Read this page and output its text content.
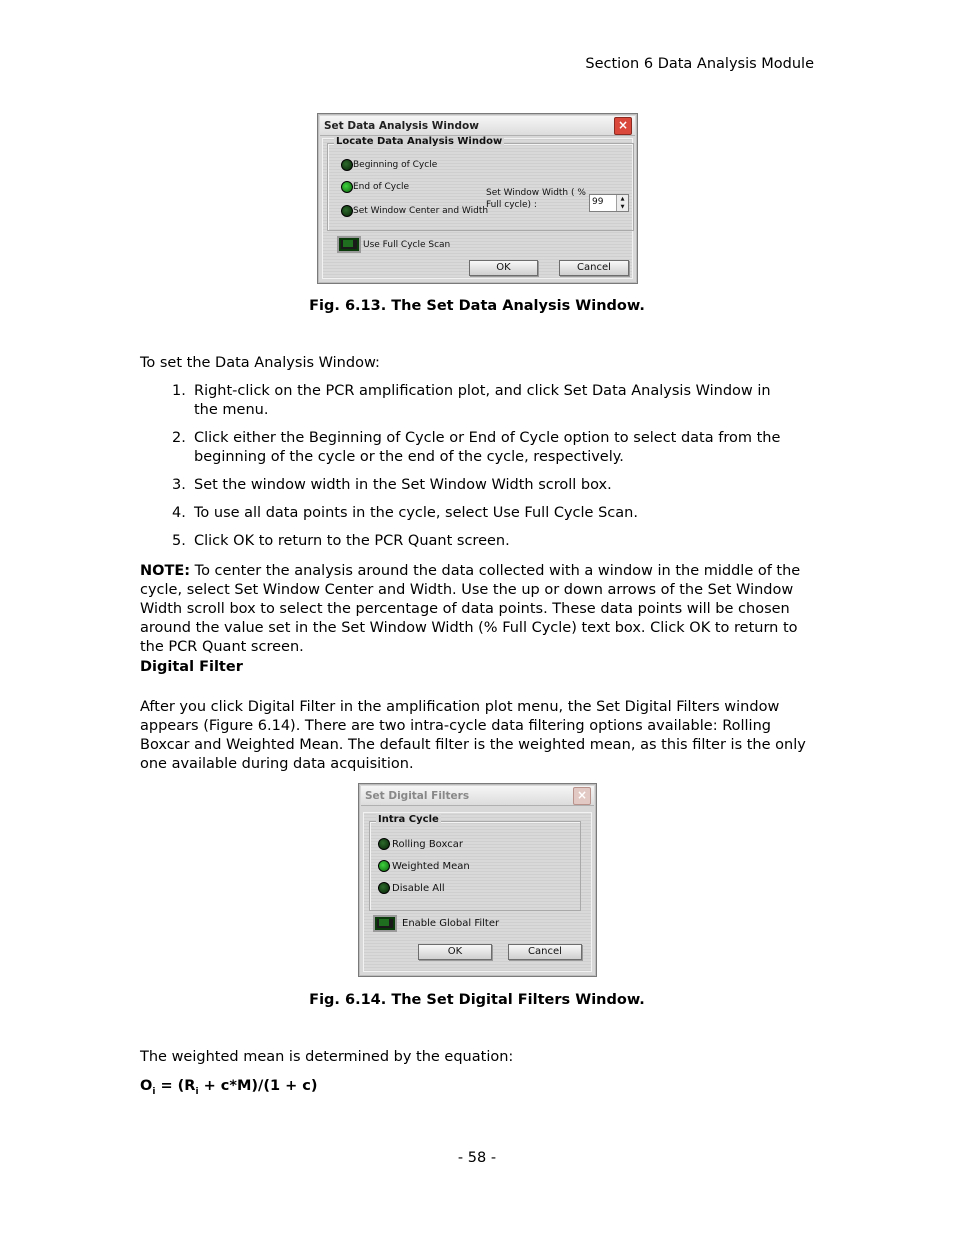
Section 6 Data Analysis Module
Set Data Analysis Window	×
Locate Data Analysis Window
Beginning of Cycle
End of Cycle
Set Window Center and Width
Set Window Width ( %
Full cycle) :	99	▲
▼
Use Full Cycle Scan
OK	Cancel
Fig. 6.13. The Set Data Analysis Window.
To set the Data Analysis Window:
1. Right-click on the PCR amplification plot, and click Set Data Analysis Window in the menu.
2. Click either the Beginning of Cycle or End of Cycle option to select data from the beginning of the cycle or the end of the cycle, respectively.
3. Set the window width in the Set Window Width scroll box.
4. To use all data points in the cycle, select Use Full Cycle Scan.
5. Click OK to return to the PCR Quant screen.
NOTE: To center the analysis around the data collected with a window in the middle of the cycle, select Set Window Center and Width. Use the up or down arrows of the Set Window Width scroll box to select the percentage of data points. These data points will be chosen around the value set in the Set Window Width (% Full Cycle) text box. Click OK to return to the PCR Quant screen.
Digital Filter
After you click Digital Filter in the amplification plot menu, the Set Digital Filters window appears (Figure 6.14). There are two intra-cycle data filtering options available: Rolling Boxcar and Weighted Mean. The default filter is the weighted mean, as this filter is the only one available during data acquisition.
Set Digital Filters	×
Intra Cycle
Rolling Boxcar
Weighted Mean
Disable All
Enable Global Filter
OK	Cancel
Fig. 6.14. The Set Digital Filters Window.
The weighted mean is determined by the equation:
$O_i = (R_i + c*M)/(1 + c)$
- 58 -
